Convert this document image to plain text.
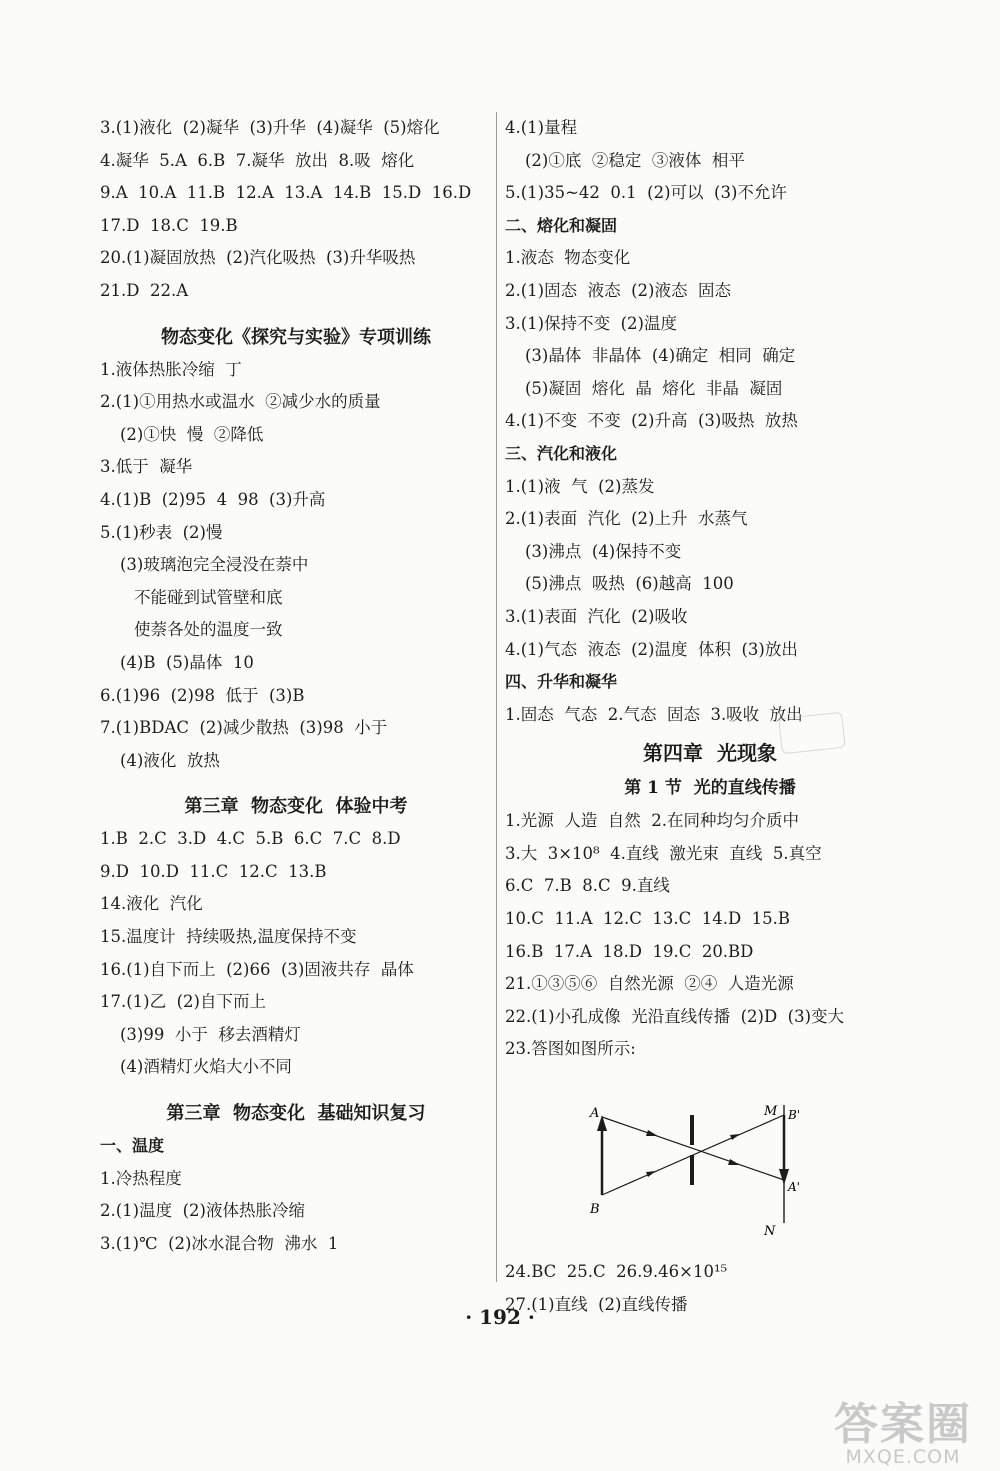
3.(1)液化  (2)凝华  (3)升华  (4)凝华  (5)熔化
4.凝华  5.A  6.B  7.凝华  放出  8.吸  熔化
9.A  10.A  11.B  12.A  13.A  14.B  15.D  16.D
17.D  18.C  19.B
20.(1)凝固放热  (2)汽化吸热  (3)升华吸热
21.D  22.A
物态变化《探究与实验》专项训练
1.液体热胀冷缩  丁
2.(1)①用热水或温水  ②减少水的质量
(2)①快  慢  ②降低
3.低于  凝华
4.(1)B  (2)95  4  98  (3)升高
5.(1)秒表  (2)慢
(3)玻璃泡完全浸没在萘中
不能碰到试管壁和底
使萘各处的温度一致
(4)B  (5)晶体  10
6.(1)96  (2)98  低于  (3)B
7.(1)BDAC  (2)减少散热  (3)98  小于
(4)液化  放热
第三章  物态变化  体验中考
1.B  2.C  3.D  4.C  5.B  6.C  7.C  8.D
9.D  10.D  11.C  12.C  13.B
14.液化  汽化
15.温度计  持续吸热,温度保持不变
16.(1)自下而上  (2)66  (3)固液共存  晶体
17.(1)乙  (2)自下而上
(3)99  小于  移去酒精灯
(4)酒精灯火焰大小不同
第三章  物态变化  基础知识复习
一、温度
1.冷热程度
2.(1)温度  (2)液体热胀冷缩
3.(1)℃  (2)冰水混合物  沸水  1
4.(1)量程
(2)①底  ②稳定  ③液体  相平
5.(1)35~42  0.1  (2)可以  (3)不允许
二、熔化和凝固
1.液态  物态变化
2.(1)固态  液态  (2)液态  固态
3.(1)保持不变  (2)温度
(3)晶体  非晶体  (4)确定  相同  确定
(5)凝固  熔化  晶  熔化  非晶  凝固
4.(1)不变  不变  (2)升高  (3)吸热  放热
三、汽化和液化
1.(1)液  气  (2)蒸发
2.(1)表面  汽化  (2)上升  水蒸气
(3)沸点  (4)保持不变
(5)沸点  吸热  (6)越高  100
3.(1)表面  汽化  (2)吸收
4.(1)气态  液态  (2)温度  体积  (3)放出
四、升华和凝华
1.固态  气态  2.气态  固态  3.吸收  放出
第四章  光现象
第 1 节  光的直线传播
1.光源  人造  自然  2.在同种均匀介质中
3.大  3×10⁸  4.直线  激光束  直线  5.真空
6.C  7.B  8.C  9.直线
10.C  11.A  12.C  13.C  14.D  15.B
16.B  17.A  18.D  19.C  20.BD
21.①③⑤⑥  自然光源  ②④  人造光源
22.(1)小孔成像  光沿直线传播  (2)D  (3)变大
23.答图如图所示:
24.BC  25.C  26.9.46×10¹⁵
27.(1)直线  (2)直线传播
A
B
M
N
B'
A'
· 192 ·
答案圈
MXQE.COM
